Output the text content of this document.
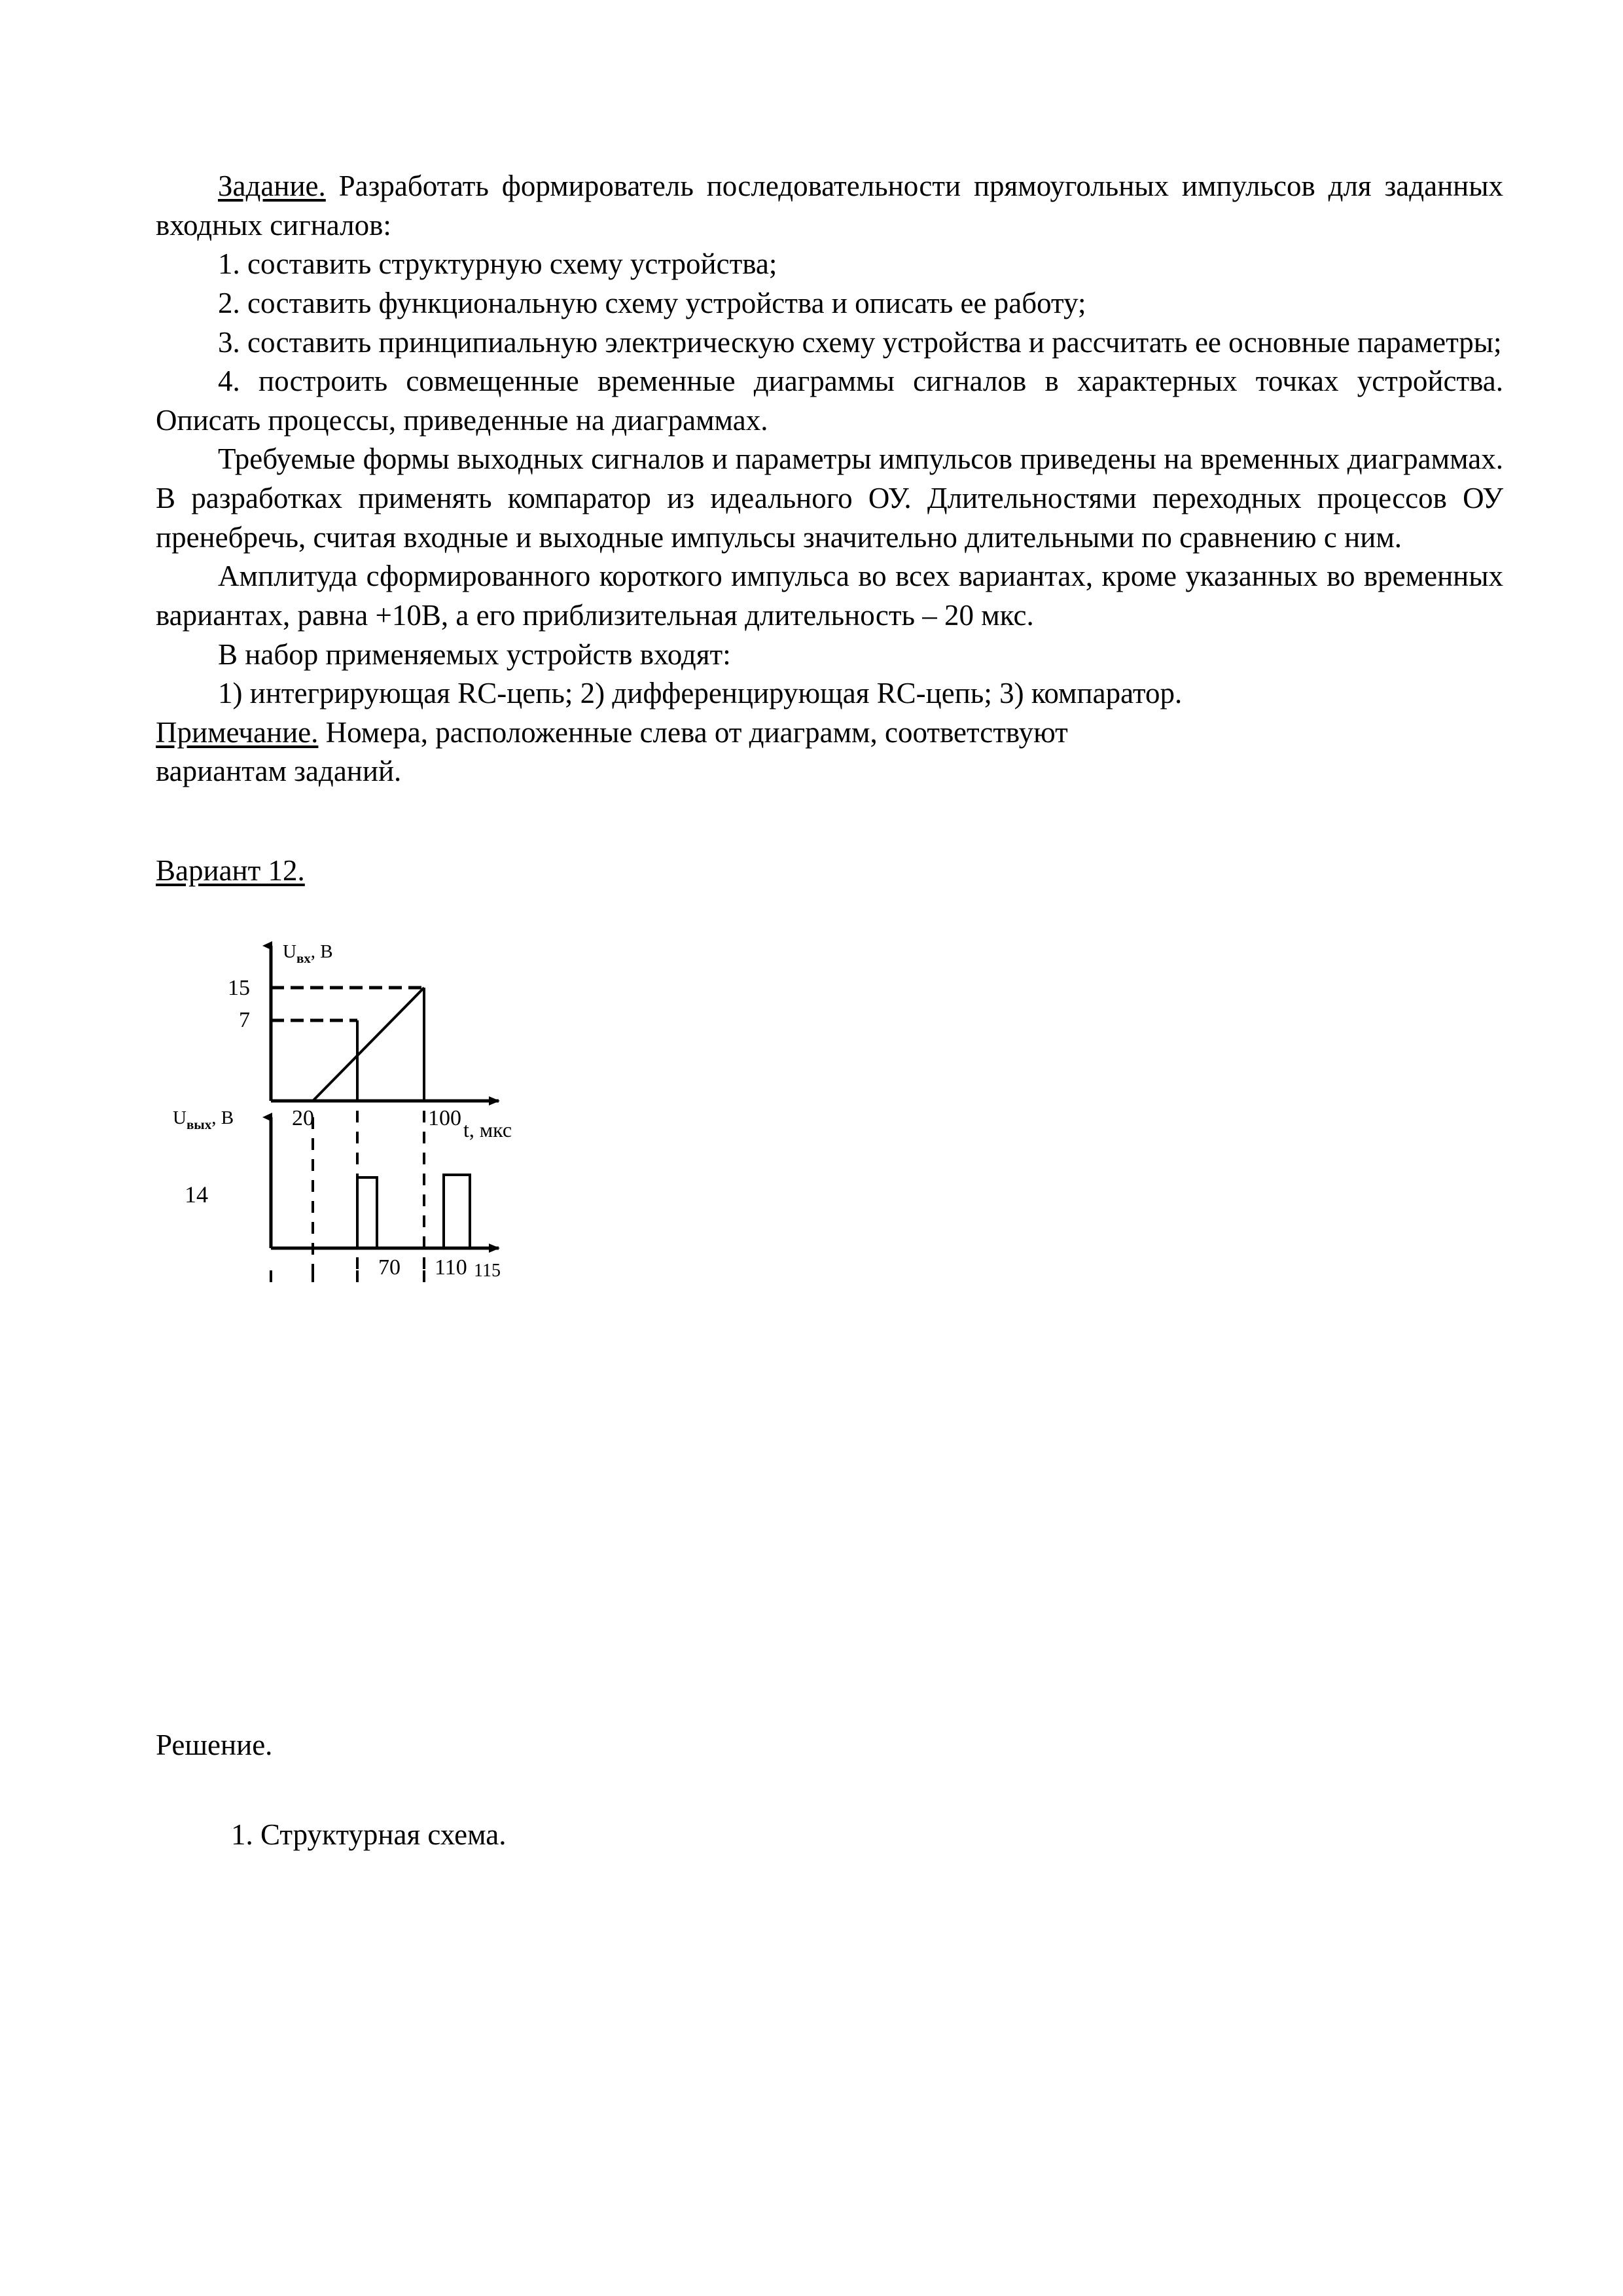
Задание. Разработать формирователь последовательности прямоугольных импульсов для заданных входных сигналов:

1. составить структурную схему устройства;

2. составить функциональную схему устройства и описать ее работу;

3. составить принципиальную электрическую схему устройства и рассчитать ее основные параметры;

4. построить совмещенные временные диаграммы сигналов в характерных точках устройства. Описать процессы, приведенные на диаграммах.

Требуемые формы выходных сигналов и параметры импульсов приведены на временных диаграммах. В разработках применять компаратор из идеального ОУ. Длительностями переходных процессов ОУ пренебречь, считая входные и выходные импульсы значительно длительными по сравнению с ним.

Амплитуда сформированного короткого импульса во всех вариантах, кроме указанных во временных вариантах, равна +10В, а его приблизительная длительность – 20 мкс.

В набор применяемых устройств входят:

1) интегрирующая RC-цепь; 2) дифференцирующая RC-цепь; 3) компаратор.

Примечание. Номера, расположенные слева от диаграмм, соответствуют

вариантам заданий.

Вариант 12.

$U_{вх}$, В
15
7
20	100 t, мкс
$U_{вых}$, В
14
70 110 115

Решение.

1. Структурная схема.
